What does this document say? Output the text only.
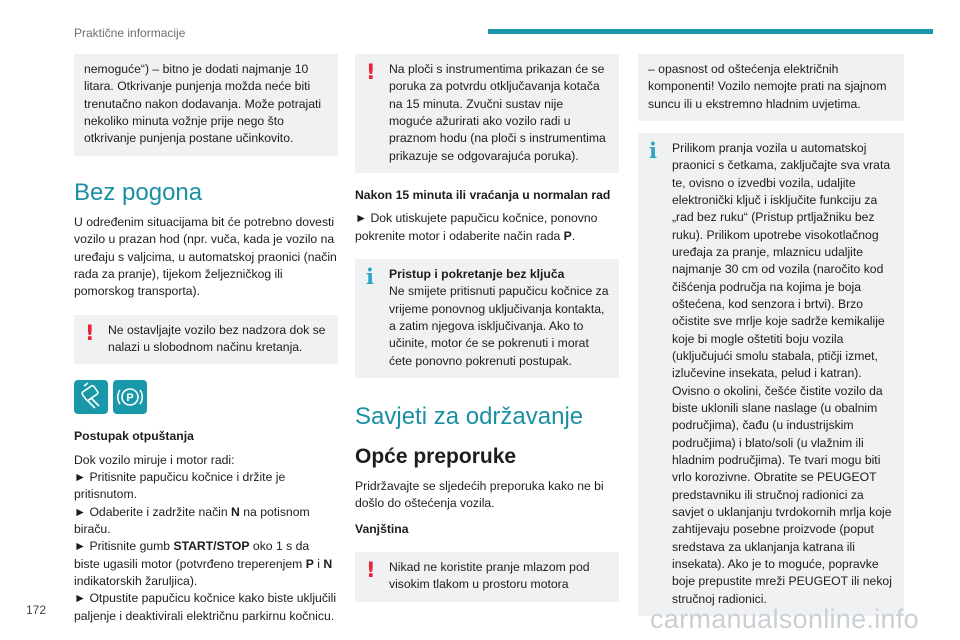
Praktične informacije

nemoguće“) – bitno je dodati najmanje 10 litara. Otkrivanje punjenja možda neće biti trenutačno nakon dodavanja. Može potrajati nekoliko minuta vožnje prije nego što otkrivanje punjenja postane učinkovito.

Bez pogona

U određenim situacijama bit će potrebno dovesti vozilo u prazan hod (npr. vuča, kada je vozilo na uređaju s valjcima, u automatskoj praonici (način rada za pranje), tijekom željezničkog ili pomorskog transporta).

!	Ne ostavljajte vozilo bez nadzora dok se nalazi u slobodnom načinu kretanja.

P

Postupak otpuštanja

Dok vozilo miruje i motor radi:

► Pritisnite papučicu kočnice i držite je pritisnutom.

► Odaberite i zadržite način N na potisnom biraču.

► Pritisnite gumb START/STOP oko 1 s da biste ugasili motor (potvrđeno treperenjem P i N indikatorskih žaruljica).

► Otpustite papučicu kočnice kako biste uključili paljenje i deaktivirali električnu parkirnu kočnicu.

!	Na ploči s instrumentima prikazan će se poruka za potvrdu otključavanja kotača na 15 minuta. Zvučni sustav nije moguće ažurirati ako vozilo radi u praznom hodu (na ploči s instrumentima prikazuje se odgovarajuća poruka).

Nakon 15 minuta ili vraćanja u normalan rad

► Dok utiskujete papučicu kočnice, ponovno pokrenite motor i odaberite način rada P.

i	Pristup i pokretanje bez ključa

Ne smijete pritisnuti papučicu kočnice za vrijeme ponovnog uključivanja kontakta, a zatim njegova isključivanja. Ako to učinite, motor će se pokrenuti i morat ćete ponovno pokrenuti postupak.

Savjeti za održavanje
Opće preporuke

Pridržavajte se sljedećih preporuka kako ne bi došlo do oštećenja vozila.

Vanjština

!	Nikad ne koristite pranje mlazom pod visokim tlakom u prostoru motora

– opasnost od oštećenja električnih komponenti! Vozilo nemojte prati na sjajnom suncu ili u ekstremno hladnim uvjetima.

i	Prilikom pranja vozila u automatskoj praonici s četkama, zaključajte sva vrata te, ovisno o izvedbi vozila, udaljite elektronički ključ i isključite funkciju za „rad bez ruku“ (Pristup prtljažniku bez ruku). Prilikom upotrebe visokotlačnog uređaja za pranje, mlaznicu udaljite najmanje 30 cm od vozila (naročito kod čišćenja područja na kojima je boja oštećena, kod senzora i brtvi). Brzo očistite sve mrlje koje sadrže kemikalije koje bi mogle oštetiti boju vozila (uključujući smolu stabala, ptičji izmet, izlučevine insekata, pelud i katran). Ovisno o okolini, češće čistite vozilo da biste uklonili slane naslage (u obalnim područjima), čađu (u industrijskim područjima) i blato/soli (u vlažnim ili hladnim područjima). Te tvari mogu biti vrlo korozivne. Obratite se PEUGEOT predstavniku ili stručnoj radionici za savjet o uklanjanju tvrdokornih mrlja koje zahtijevaju posebne proizvode (poput sredstava za uklanjanja katrana ili insekata). Ako je to moguće, popravke boje prepustite mreži PEUGEOT ili nekoj stručnoj radionici.

172	carmanualsonline.info
